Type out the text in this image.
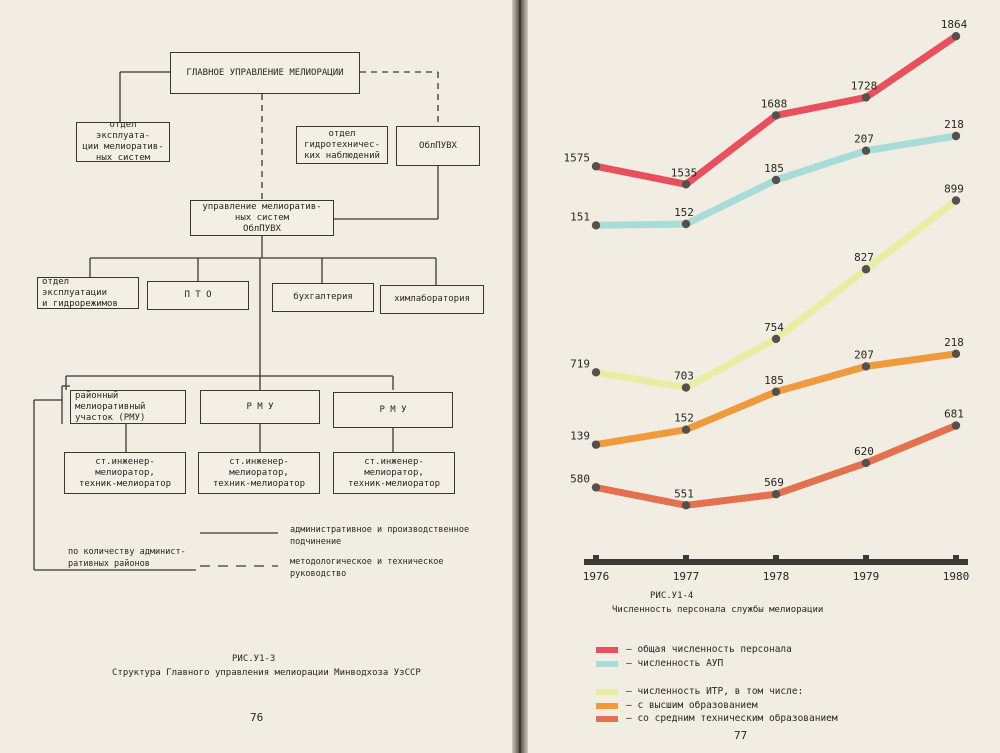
ГЛАВНОЕ УПРАВЛЕНИЕ МЕЛИОРАЦИИ
отдел эксплуата-
ции мелиоратив-
ных систем
отдел гидротехничес-
ких наблюдений
ОблПУВХ
управление мелиоратив-
ных систем
ОблПУВХ
отдел эксплуатации
и гидрорежимов
П Т О	бухгалтерия	химлаборатория
районный мелиоративный
участок (РМУ)
Р М У	Р М У
ст.инженер-мелиоратор,
техник-мелиоратор
ст.инженер-мелиоратор,
техник-мелиоратор
ст.инженер-мелиоратор,
техник-мелиоратор
по количеству админист-
ративных районов
административное и производственное
подчинение
методологическое и техническое
руководство
РИС.У1-3
Структура Главного управления мелиорации Минводхоза УзССР
76
1976	1977	1978	1979	1980
1575
1535
1688
1728
1864
151	152
185
207
218
719
703
754
827
899
139
152
185
207
218
580
551
569
620
681
РИС.У1-4
Численность персонала службы мелиорации
– общая численность персонала
– численность АУП
– численность ИТР, в том числе:
– с высшим образованием
– со средним техническим образованием
77
